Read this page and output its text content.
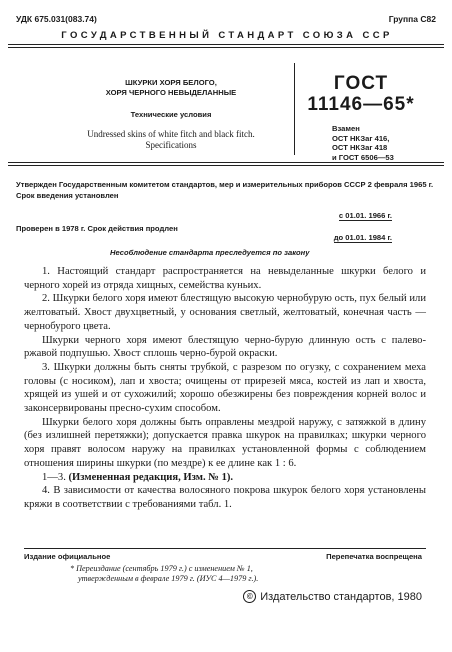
УДК 675.031(083.74)	Группа С82
ГОСУДАРСТВЕННЫЙ СТАНДАРТ СОЮЗА ССР
ШКУРКИ ХОРЯ БЕЛОГО,
ХОРЯ ЧЕРНОГО НЕВЫДЕЛАННЫЕ
Технические условия
Undressed skins of white fitch and black fitch.
Specifications
ГОСТ
11146—65*
Взамен
ОСТ НКЗаг 416,
ОСТ НКЗаг 418
и ГОСТ 6506—53
Утвержден Государственным комитетом стандартов, мер и измерительных приборов СССР 2 февраля 1965 г. Срок введения установлен
с 01.01. 1966 г.
Проверен в 1978 г. Срок действия продлен
до 01.01. 1984 г.
Несоблюдение стандарта преследуется по закону

1. Настоящий стандарт распространяется на невыделанные шкурки белого и черного хорей из отряда хищных, семейства куньих.

2. Шкурки белого хоря имеют блестящую высокую чернобурую ость, пух белый или желтоватый. Хвост двухцветный, у основания светлый, желтоватый, конечная часть — чернобурого цвета.

Шкурки черного хоря имеют блестящую черно-бурую длинную ость с палево-ржавой подпушью. Хвост сплошь черно-бурой окраски.

3. Шкурки должны быть сняты трубкой, с разрезом по огузку, с сохранением меха головы (с носиком), лап и хвоста; очищены от прирезей мяса, костей из лап и хвоста, хрящей из ушей и от сухожилий; хорошо обезжирены без повреждения корней волос и законсервированы пресно-сухим способом.

Шкурки белого хоря должны быть оправлены мездрой наружу, с затяжкой в длину (без излишней перетяжки); допускается правка шкурок на правилках; шкурки черного хоря правят волосом наружу на правилках установленной формы с соблюдением отношения ширины шкурки (по мездре) к ее длине как 1 : 6.

1—3. (Измененная редакция, Изм. № 1).

4. В зависимости от качества волосяного покрова шкурок белого хоря установлены кряжи в соответствии с требованиями табл. 1.

Издание официальное	Перепечатка воспрещена
* Переиздание (сентябрь 1979 г.) с изменением № 1,
утвержденным в феврале 1979 г. (ИУС 4—1979 г.).
© Издательство стандартов, 1980
